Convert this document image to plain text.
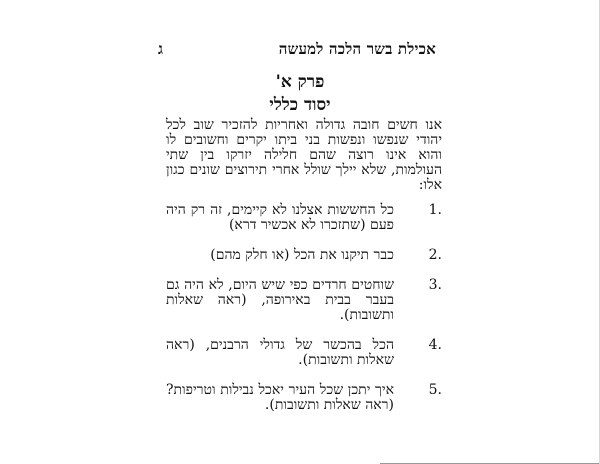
אכילת בשר הלכה למעשה
ג
פרק א'
יסוד כללי

אנו חשים חובה גדולה ואחריות להזכיר שוב לכל יהודי שנפשו ונפשות בני ביתו יקרים וחשובים לו והוא אינו רוצה שהם חלילה יזרקו בין שתי העולמות, שלא יילך שולל אחרי תירוצים שונים כגון אלו:

1.
כל החששות אצלנו לא קיימים, זה רק היה פעם (שתזכרו לא אכשיר דרא)
2.
כבר תיקנו את הכל (או חלק מהם)
3.
שוחטים חרדים כפי שיש היום, לא היה גם בעבר בבית באירופה, (ראה שאלות ותשובות).
4.
הכל בהכשר של גדולי הרבנים, (ראה שאלות ותשובות).
5.
איך יתכן שכל העיר יאכל נבילות וטריפות? (ראה שאלות ותשובות).
